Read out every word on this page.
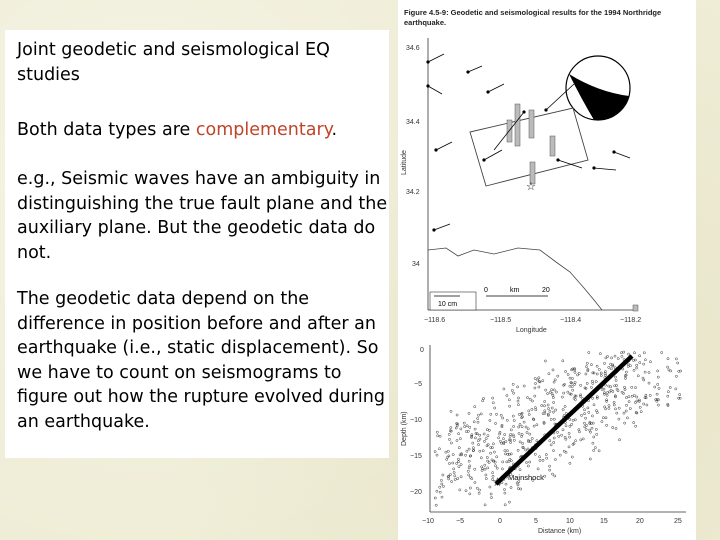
Joint geodetic and seismological EQ studies

Both data types are complementary.

e.g., Seismic waves have an ambiguity in distinguishing the true fault plane and the auxiliary plane. But the geodetic data do not.

The geodetic data depend on the difference in position before and after an earthquake (i.e., static displacement). So we have to count on seismograms to figure out how the rupture evolved during an earthquake.

Figure 4.5-9: Geodetic and seismological results for the 1994 Northridge earthquake.
34.6
34.4
34.2
34
Latitude
−118.6	−118.5	−118.4	−118.2
Longitude
☆
0	km	20
10 cm
0
−5
−10
−15
−20
Depth (km)
−10	−5	0	5	10	15	20	25
Distance (km)
☆ Mainshock
